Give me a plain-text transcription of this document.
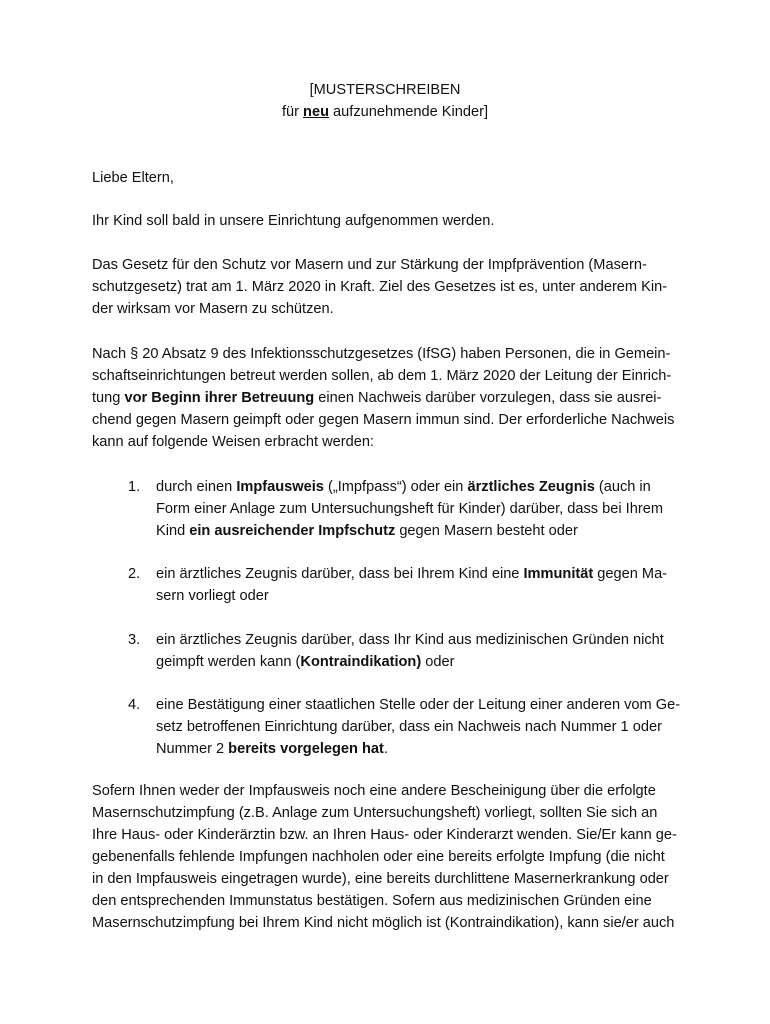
[MUSTERSCHREIBEN
für neu aufzunehmende Kinder]
Liebe Eltern,
Ihr Kind soll bald in unsere Einrichtung aufgenommen werden.
Das Gesetz für den Schutz vor Masern und zur Stärkung der Impfprävention (Masern-
schutzgesetz) trat am 1. März 2020 in Kraft. Ziel des Gesetzes ist es, unter anderem Kin-
der wirksam vor Masern zu schützen.
Nach § 20 Absatz 9 des Infektionsschutzgesetzes (IfSG) haben Personen, die in Gemein-
schaftseinrichtungen betreut werden sollen, ab dem 1. März 2020 der Leitung der Einrich-
tung vor Beginn ihrer Betreuung einen Nachweis darüber vorzulegen, dass sie ausrei-
chend gegen Masern geimpft oder gegen Masern immun sind. Der erforderliche Nachweis
kann auf folgende Weisen erbracht werden:
1. durch einen Impfausweis („Impfpass“) oder ein ärztliches Zeugnis (auch in
Form einer Anlage zum Untersuchungsheft für Kinder) darüber, dass bei Ihrem
Kind ein ausreichender Impfschutz gegen Masern besteht oder
2. ein ärztliches Zeugnis darüber, dass bei Ihrem Kind eine Immunität gegen Ma-
sern vorliegt oder
3. ein ärztliches Zeugnis darüber, dass Ihr Kind aus medizinischen Gründen nicht
geimpft werden kann (Kontraindikation) oder
4. eine Bestätigung einer staatlichen Stelle oder der Leitung einer anderen vom Ge-
setz betroffenen Einrichtung darüber, dass ein Nachweis nach Nummer 1 oder
Nummer 2 bereits vorgelegen hat.
Sofern Ihnen weder der Impfausweis noch eine andere Bescheinigung über die erfolgte
Masernschutzimpfung (z.B. Anlage zum Untersuchungsheft) vorliegt, sollten Sie sich an
Ihre Haus- oder Kinderärztin bzw. an Ihren Haus- oder Kinderarzt wenden. Sie/Er kann ge-
gebenenfalls fehlende Impfungen nachholen oder eine bereits erfolgte Impfung (die nicht
in den Impfausweis eingetragen wurde), eine bereits durchlittene Masernerkrankung oder
den entsprechenden Immunstatus bestätigen. Sofern aus medizinischen Gründen eine
Masernschutzimpfung bei Ihrem Kind nicht möglich ist (Kontraindikation), kann sie/er auch
